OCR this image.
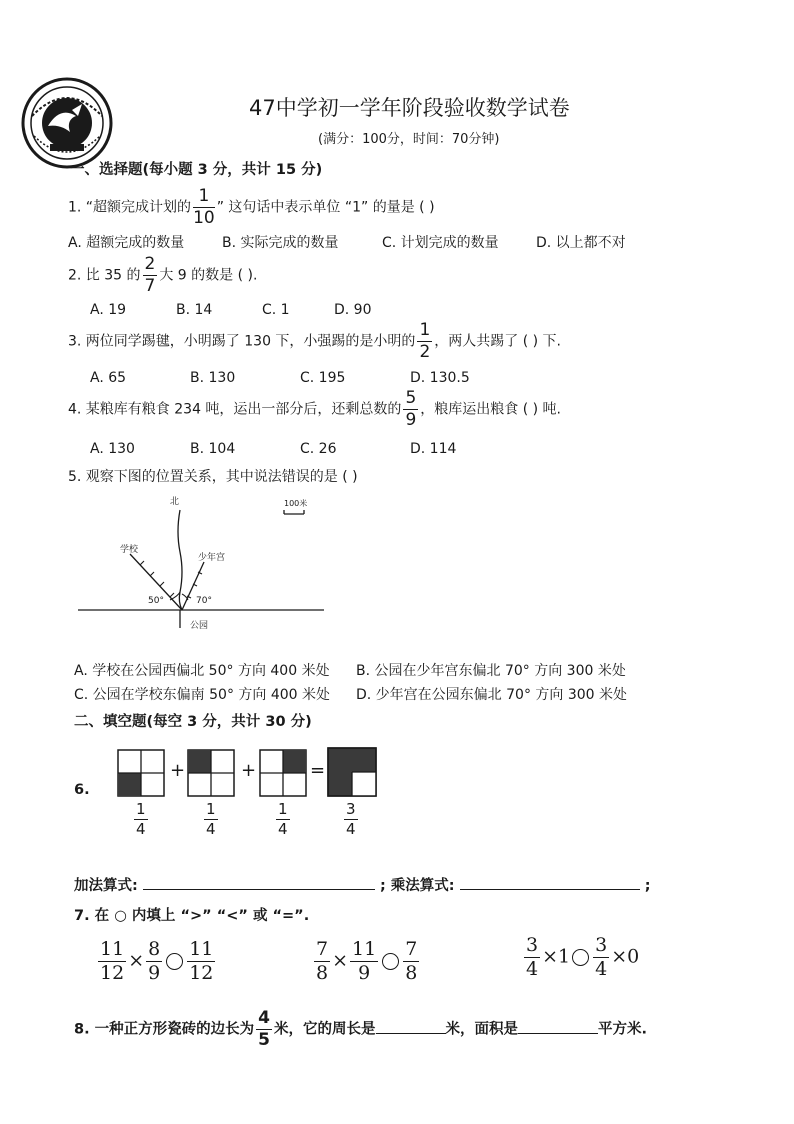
47中学初一学年阶段验收数学试卷
(满分：100分，时间：70分钟)
一、选择题(每小题 3 分，共计 15 分)
1. “超额完成计划的 $\frac{1}{10}$ ” 这句话中表示单位 “1” 的量是 ( )
A. 超额完成的数量	B. 实际完成的数量	C. 计划完成的数量	D. 以上都不对
2. 比 35 的 $\frac{2}{7}$ 大 9 的数是 ( ).
A. 19	B. 14	C. 1	D. 90
3. 两位同学踢毽，小明踢了 130 下，小强踢的是小明的 $\frac{1}{2}$ ，两人共踢了 ( ) 下.
A. 65	B. 130	C. 195	D. 130.5
4. 某粮库有粮食 234 吨，运出一部分后，还剩总数的 $\frac{5}{9}$ ，粮库运出粮食 ( ) 吨.
A. 130	B. 104	C. 26	D. 114
5. 观察下图的位置关系，其中说法错误的是 ( )
北
学校
少年宫
公园
50°	70°
100米
A. 学校在公园西偏北 50° 方向 400 米处 B. 公园在少年宫东偏北 70° 方向 300 米处
C. 公园在学校东偏南 50° 方向 400 米处 D. 少年宫在公园东偏北 70° 方向 300 米处
二、填空题(每空 3 分，共计 30 分)
6.
+	+	=
$\frac{1}{4}$	$\frac{1}{4}$	$\frac{1}{4}$	$\frac{3}{4}$
加法算式:	; 乘法算式:	;
7. 在 ○ 内填上 “>” “<” 或 “=”.
$\frac{11}{12} \times \frac{8}{9} \frac{11}{12}$	$\frac{7}{8} \times \frac{11}{9} \frac{7}{8}$	$\frac{3}{4} \times 1 \frac{3}{4} \times 0$
8. 一种正方形瓷砖的边长为 $\frac{4}{5}$ 米，它的周长是	米，面积是	平方米.
